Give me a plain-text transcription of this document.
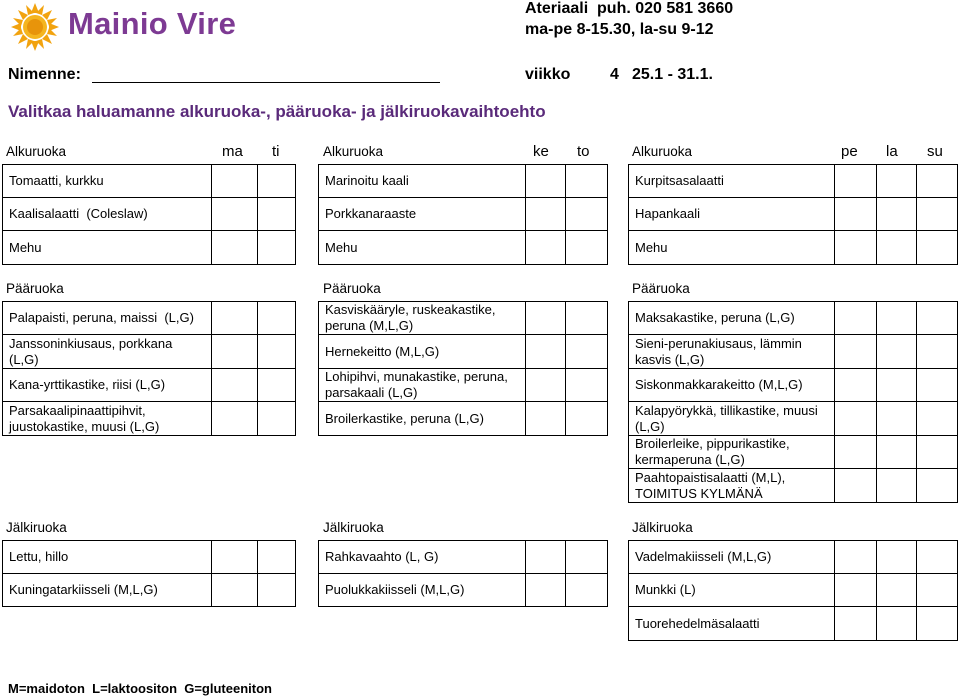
Mainio Vire	Ateriaali  puh. 020 581 3660
ma-pe 8-15.30, la-su 9-12
Nimenne:	viikko 4 25.1 - 31.1.
Valitkaa haluamanne alkuruoka-, pääruoka- ja jälkiruokavaihtoehto
Alkuruoka	ma ti
Tomaatti, kurkku
Kaalisalaatti  (Coleslaw)
Mehu
Pääruoka
Palapaisti, peruna, maissi  (L,G)
Janssoninkiusaus, porkkana (L,G)
Kana-yrttikastike, riisi (L,G)
Parsakaalipinaattipihvit, juustokastike, muusi (L,G)
Jälkiruoka
Lettu, hillo
Kuningatarkiisseli (M,L,G)
Alkuruoka	ke to
Marinoitu kaali
Porkkanaraaste
Mehu
Pääruoka
Kasviskääryle, ruskeakastike, peruna (M,L,G)
Hernekeitto (M,L,G)
Lohipihvi, munakastike, peruna, parsakaali (L,G)
Broilerkastike, peruna (L,G)
Jälkiruoka
Rahkavaahto (L, G)
Puolukkakiisseli (M,L,G)
Alkuruoka	pe la su
Kurpitsasalaatti
Hapankaali
Mehu
Pääruoka
Maksakastike, peruna (L,G)
Sieni-perunakiusaus, lämmin kasvis (L,G)
Siskonmakkarakeitto (M,L,G)
Kalapyörykkä, tillikastike, muusi (L,G)
Broilerleike, pippurikastike, kermaperuna (L,G)
Paahtopaistisalaatti (M,L), TOIMITUS KYLMÄNÄ
Jälkiruoka
Vadelmakiisseli (M,L,G)
Munkki (L)
Tuorehedelmäsalaatti
M=maidoton  L=laktoositon  G=gluteeniton
